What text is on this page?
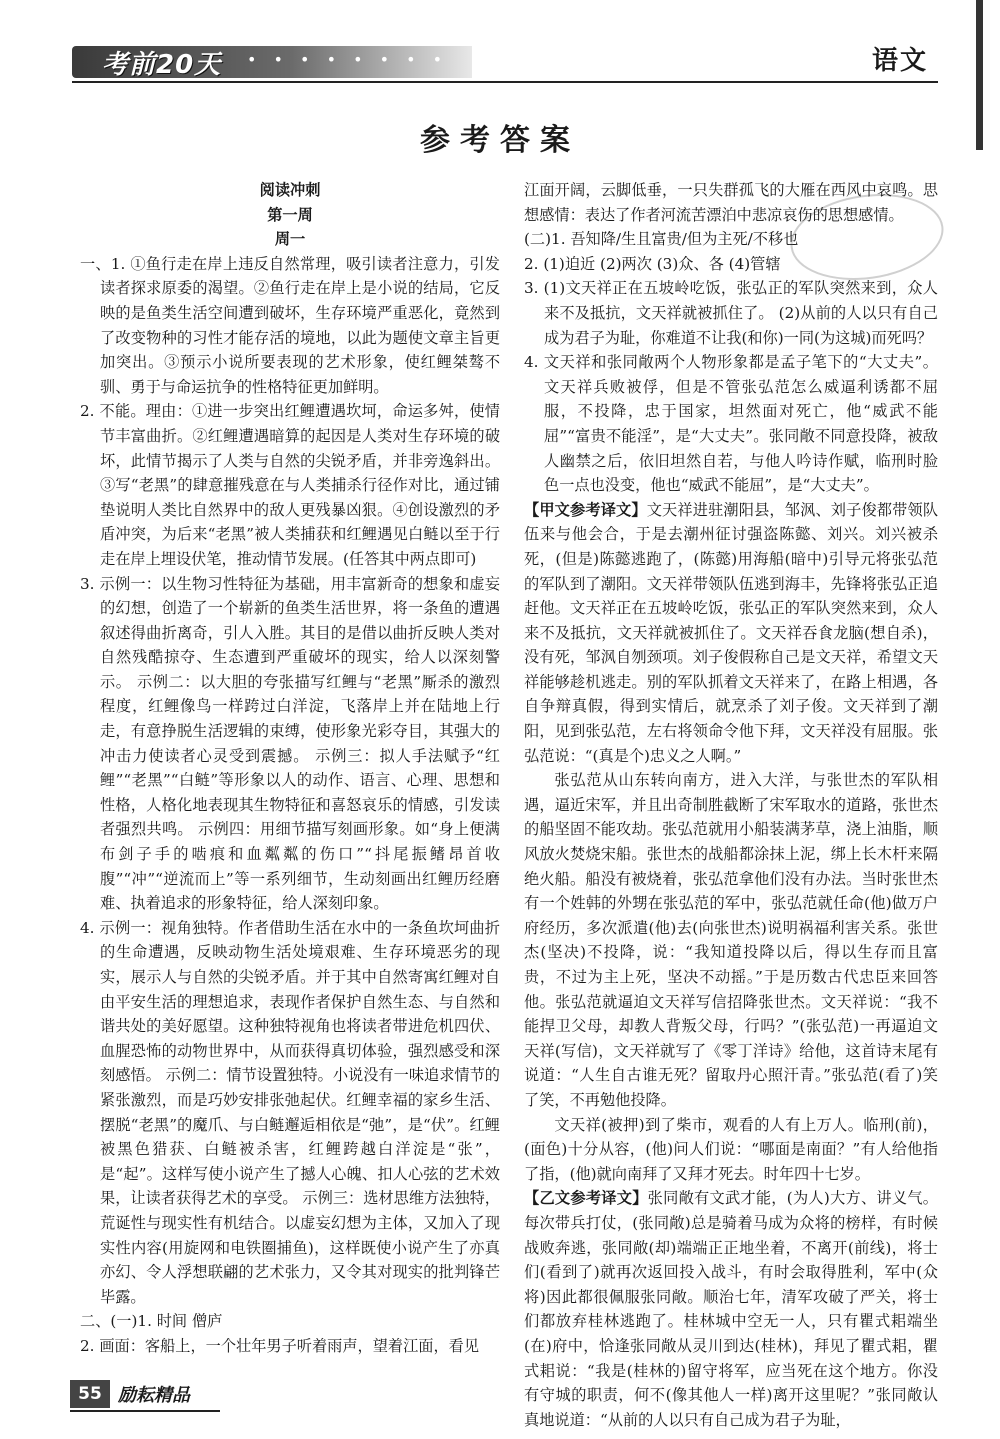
考前20天 • • • • • • • •	语文
参考答案

阅读冲刺

第一周

周一

一、1. ①鱼行走在岸上违反自然常理，吸引读者注意力，引发读者探求原委的渴望。②鱼行走在岸上是小说的结局，它反映的是鱼类生活空间遭到破坏，生存环境严重恶化，竟然到了改变物种的习性才能存活的境地，以此为题使文章主旨更加突出。③预示小说所要表现的艺术形象，使红鲤桀骜不驯、勇于与命运抗争的性格特征更加鲜明。

2. 不能。理由：①进一步突出红鲤遭遇坎坷，命运多舛，使情节丰富曲折。②红鲤遭遇暗算的起因是人类对生存环境的破坏，此情节揭示了人类与自然的尖锐矛盾，并非旁逸斜出。③写“老黑”的肆意摧残意在与人类捕杀行径作对比，通过铺垫说明人类比自然界中的敌人更残暴凶狠。④创设激烈的矛盾冲突，为后来“老黑”被人类捕获和红鲤遇见白鲢以至于行走在岸上埋设伏笔，推动情节发展。(任答其中两点即可)

3. 示例一：以生物习性特征为基础，用丰富新奇的想象和虚妄的幻想，创造了一个崭新的鱼类生活世界，将一条鱼的遭遇叙述得曲折离奇，引人入胜。其目的是借以曲折反映人类对自然残酷掠夺、生态遭到严重破坏的现实，给人以深刻警示。 示例二：以大胆的夸张描写红鲤与“老黑”厮杀的激烈程度，红鲤像鸟一样跨过白洋淀，飞落岸上并在陆地上行走，有意挣脱生活逻辑的束缚，使形象光彩夺目，其强大的冲击力使读者心灵受到震撼。 示例三：拟人手法赋予“红鲤”“老黑”“白鲢”等形象以人的动作、语言、心理、思想和性格，人格化地表现其生物特征和喜怒哀乐的情感，引发读者强烈共鸣。 示例四：用细节描写刻画形象。如“身上便满布剑子手的啮痕和血粼粼的伤口”“抖尾振鳍昂首收腹”“冲”“逆流而上”等一系列细节，生动刻画出红鲤历经磨难、执着追求的形象特征，给人深刻印象。

4. 示例一：视角独特。作者借助生活在水中的一条鱼坎坷曲折的生命遭遇，反映动物生活处境艰难、生存环境恶劣的现实，展示人与自然的尖锐矛盾。并于其中自然寄寓红鲤对自由平安生活的理想追求，表现作者保护自然生态、与自然和谐共处的美好愿望。这种独特视角也将读者带进危机四伏、血腥恐怖的动物世界中，从而获得真切体验，强烈感受和深刻感悟。 示例二：情节设置独特。小说没有一味追求情节的紧张激烈，而是巧妙安排张弛起伏。红鲤幸福的家乡生活、摆脱“老黑”的魔爪、与白鲢邂逅相依是“弛”，是“伏”。红鲤被黑色猎获、白鲢被杀害，红鲤跨越白洋淀是“张”，是“起”。这样写使小说产生了撼人心魄、扣人心弦的艺术效果，让读者获得艺术的享受。 示例三：选材思维方法独特，荒诞性与现实性有机结合。以虚妄幻想为主体，又加入了现实性内容(用旋网和电铁圈捕鱼)，这样既使小说产生了亦真亦幻、令人浮想联翩的艺术张力，又令其对现实的批判锋芒毕露。

二、(一)1. 时间 僧庐

2. 画面：客船上，一个壮年男子听着雨声，望着江面，看见

江面开阔，云脚低垂，一只失群孤飞的大雁在西风中哀鸣。思想感情：表达了作者河流苦漂泊中悲凉哀伤的思想感情。

(二)1. 吾知降/生且富贵/但为主死/不移也

2. (1)迫近 (2)两次 (3)众、各 (4)管辖

3. (1)文天祥正在五坡岭吃饭，张弘正的军队突然来到，众人来不及抵抗，文天祥就被抓住了。 (2)从前的人以只有自己成为君子为耻，你难道不让我(和你)一同(为这城)而死吗？

4. 文天祥和张同敞两个人物形象都是孟子笔下的“大丈夫”。文天祥兵败被俘，但是不管张弘范怎么威逼利诱都不屈服，不投降，忠于国家，坦然面对死亡，他“威武不能屈”“富贵不能淫”，是“大丈夫”。张同敞不同意投降，被敌人幽禁之后，依旧坦然自若，与他人吟诗作赋，临刑时脸色一点也没变，他也“威武不能屈”，是“大丈夫”。

【甲文参考译文】文天祥进驻潮阳县，邹沨、刘子俊都带领队伍来与他会合，于是去潮州征讨强盗陈懿、刘兴。刘兴被杀死，(但是)陈懿逃跑了，(陈懿)用海船(暗中)引导元将张弘范的军队到了潮阳。文天祥带领队伍逃到海丰，先锋将张弘正追赶他。文天祥正在五坡岭吃饭，张弘正的军队突然来到，众人来不及抵抗，文天祥就被抓住了。文天祥吞食龙脑(想自杀)，没有死，邹沨自刎颈项。刘子俊假称自己是文天祥，希望文天祥能够趁机逃走。别的军队抓着文天祥来了，在路上相遇，各自争辩真假，得到实情后，就烹杀了刘子俊。文天祥到了潮阳，见到张弘范，左右将领命令他下拜，文天祥没有屈服。张弘范说：“(真是个)忠义之人啊。”

张弘范从山东转向南方，进入大洋，与张世杰的军队相遇，逼近宋军，并且出奇制胜截断了宋军取水的道路，张世杰的船坚固不能攻劫。张弘范就用小船装满茅草，浇上油脂，顺风放火焚烧宋船。张世杰的战船都涂抹上泥，绑上长木杆来隔绝火船。船没有被烧着，张弘范拿他们没有办法。当时张世杰有一个姓韩的外甥在张弘范的军中，张弘范就任命(他)做万户府经历，多次派遣(他)去(向张世杰)说明祸福利害关系。张世杰(坚决)不投降，说：“我知道投降以后，得以生存而且富贵，不过为主上死，坚决不动摇。”于是历数古代忠臣来回答他。张弘范就逼迫文天祥写信招降张世杰。文天祥说：“我不能捍卫父母，却教人背叛父母，行吗？”(张弘范)一再逼迫文天祥(写信)，文天祥就写了《零丁洋诗》给他，这首诗末尾有说道：“人生自古谁无死？留取丹心照汗青。”张弘范(看了)笑了笑，不再勉他投降。

文天祥(被押)到了柴市，观看的人有上万人。临刑(前)，(面色)十分从容，(他)问人们说：“哪面是南面？”有人给他指了指，(他)就向南拜了又拜才死去。时年四十七岁。

【乙文参考译文】张同敞有文武才能，(为人)大方、讲义气。每次带兵打仗，(张同敞)总是骑着马成为众将的榜样，有时候战败奔逃，张同敞(却)端端正正地坐着，不离开(前线)，将士们(看到了)就再次返回投入战斗，有时会取得胜利，军中(众将)因此都很佩服张同敞。顺治七年，清军攻破了严关，将士们都放弃桂林逃跑了。桂林城中空无一人，只有瞿式耜端坐(在)府中，恰逢张同敞从灵川到达(桂林)，拜见了瞿式耜，瞿式耜说：“我是(桂林的)留守将军，应当死在这个地方。你没有守城的职责，何不(像其他人一样)离开这里呢？”张同敞认真地说道：“从前的人以只有自己成为君子为耻，

55 励耘精品
